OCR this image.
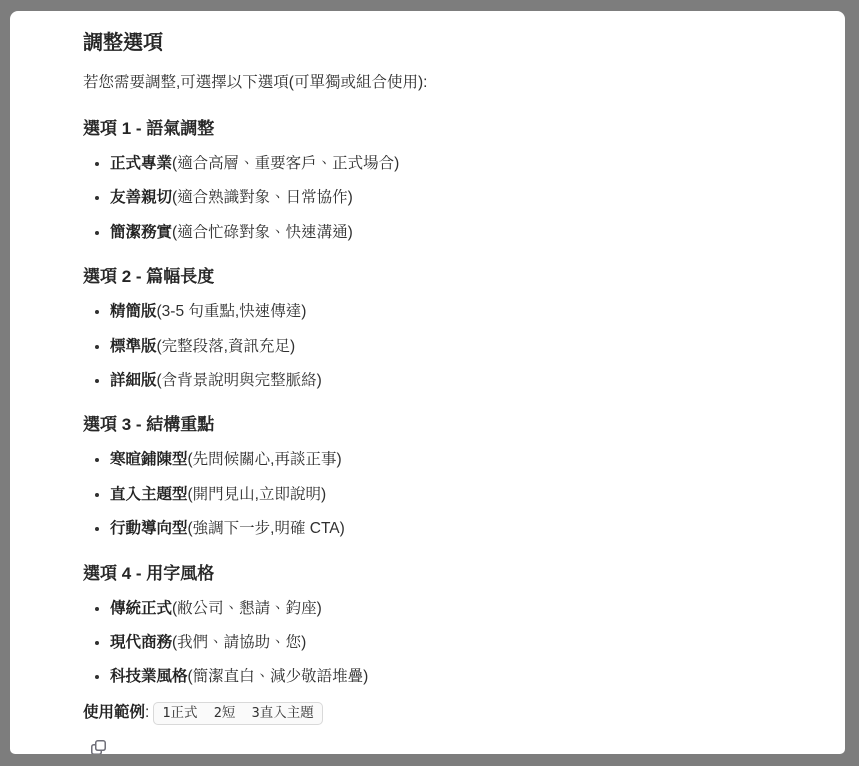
調整選項

若您需要調整,可選擇以下選項(可單獨或組合使用):

選項 1 - 語氣調整
• 正式專業(適合高層、重要客戶、正式場合)
• 友善親切(適合熟識對象、日常協作)
• 簡潔務實(適合忙碌對象、快速溝通)
選項 2 - 篇幅長度
• 精簡版(3-5 句重點,快速傳達)
• 標準版(完整段落,資訊充足)
• 詳細版(含背景說明與完整脈絡)
選項 3 - 結構重點
• 寒暄鋪陳型(先問候關心,再談正事)
• 直入主題型(開門見山,立即說明)
• 行動導向型(強調下一步,明確 CTA)
選項 4 - 用字風格
• 傳統正式(敝公司、懇請、鈞座)
• 現代商務(我們、請協助、您)
• 科技業風格(簡潔直白、減少敬語堆疊)

使用範例: 1正式  2短  3直入主題
